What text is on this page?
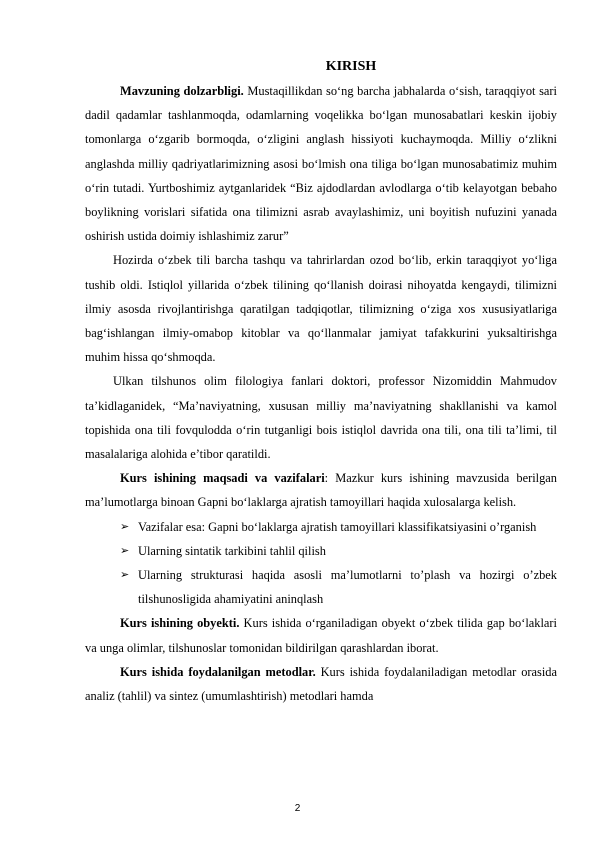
KIRISH

Mavzuning dolzarbligi. Mustaqillikdan so‘ng barcha jabhalarda o‘sish, taraqqiyot sari dadil qadamlar tashlanmoqda, odamlarning voqelikka bo‘lgan munosabatlari keskin ijobiy tomonlarga o‘zgarib bormoqda, o‘zligini anglash hissiyoti kuchaymoqda. Milliy o‘zlikni anglashda milliy qadriyatlarimizning asosi bo‘lmish ona tiliga bo‘lgan munosabatimiz muhim o‘rin tutadi. Yurtboshimiz aytganlaridek “Biz ajdodlardan avlodlarga o‘tib kelayotgan bebaho boylikning vorislari sifatida ona tilimizni asrab avaylashimiz, uni boyitish nufuzini yanada oshirish ustida doimiy ishlashimiz zarur”

Hozirda o‘zbek tili barcha tashqu va tahrirlardan ozod bo‘lib, erkin taraqqiyot yo‘liga tushib oldi. Istiqlol yillarida o‘zbek tilining qo‘llanish doirasi nihoyatda kengaydi, tilimizni ilmiy asosda rivojlantirishga qaratilgan tadqiqotlar, tilimizning o‘ziga xos xususiyatlariga bag‘ishlangan ilmiy-omabop kitoblar va qo‘llanmalar jamiyat tafakkurini yuksaltirishga muhim hissa qo‘shmoqda.

Ulkan tilshunos olim filologiya fanlari doktori, professor Nizomiddin Mahmudov ta’kidlaganidek, “Ma’naviyatning, xususan milliy ma’naviyatning shakllanishi va kamol topishida ona tili fovqulodda o‘rin tutganligi bois istiqlol davrida ona tili, ona tili ta’limi, til masalalariga alohida e’tibor qaratildi.

Kurs ishining maqsadi va vazifalari: Mazkur kurs ishining mavzusida berilgan ma’lumotlarga binoan Gapni bo‘laklarga ajratish tamoyillari haqida xulosalarga kelish.

➢ Vazifalar esa: Gapni bo‘laklarga ajratish tamoyillari klassifikatsiyasini o’rganish
➢ Ularning sintatik tarkibini tahlil qilish
➢ Ularning strukturasi haqida asosli ma’lumotlarni to’plash va hozirgi o’zbek tilshunosligida ahamiyatini aninqlash

Kurs ishining obyekti. Kurs ishida o‘rganiladigan obyekt o‘zbek tilida gap bo‘laklari va unga olimlar, tilshunoslar tomonidan bildirilgan qarashlardan iborat.

Kurs ishida foydalanilgan metodlar. Kurs ishida foydalaniladigan metodlar orasida analiz (tahlil) va sintez (umumlashtirish) metodlari hamda

2
